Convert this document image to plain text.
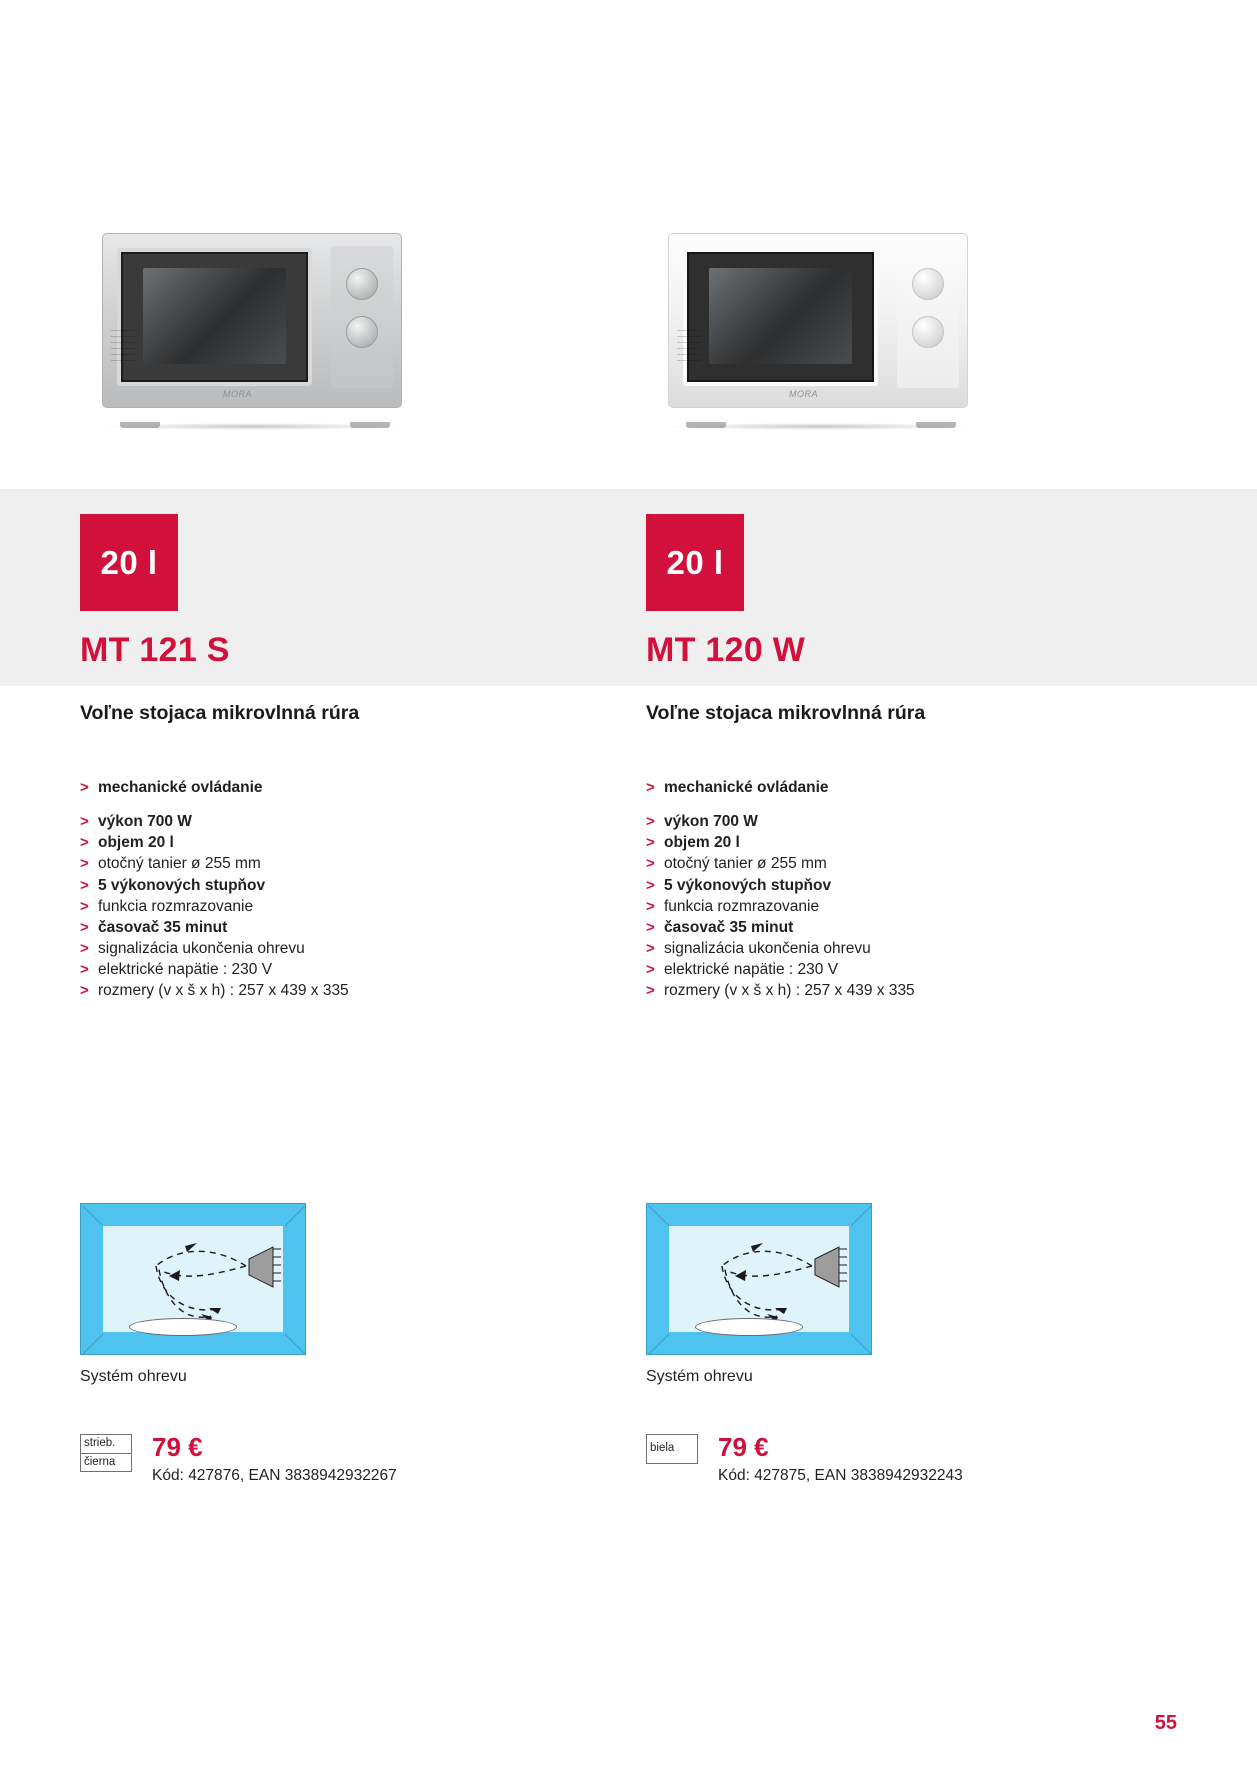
MORA
20 l
MT 121 S
Voľne stojaca mikrovlnná rúra
> mechanické ovládanie
> výkon 700 W
> objem 20 l
> otočný tanier ø 255 mm
> 5 výkonových stupňov
> funkcia rozmrazovanie
> časovač 35 minut
> signalizácia ukončenia ohrevu
> elektrické napätie : 230 V
> rozmery (v x š x h) : 257 x 439 x 335
Systém ohrevu
strieb.
čierna	79 €
Kód: 427876, EAN 3838942932267
MORA
20 l
MT 120 W
Voľne stojaca mikrovlnná rúra
> mechanické ovládanie
> výkon 700 W
> objem 20 l
> otočný tanier ø 255 mm
> 5 výkonových stupňov
> funkcia rozmrazovanie
> časovač 35 minut
> signalizácia ukončenia ohrevu
> elektrické napätie : 230 V
> rozmery (v x š x h) : 257 x 439 x 335
Systém ohrevu
biela	79 €
Kód: 427875, EAN 3838942932243
55
